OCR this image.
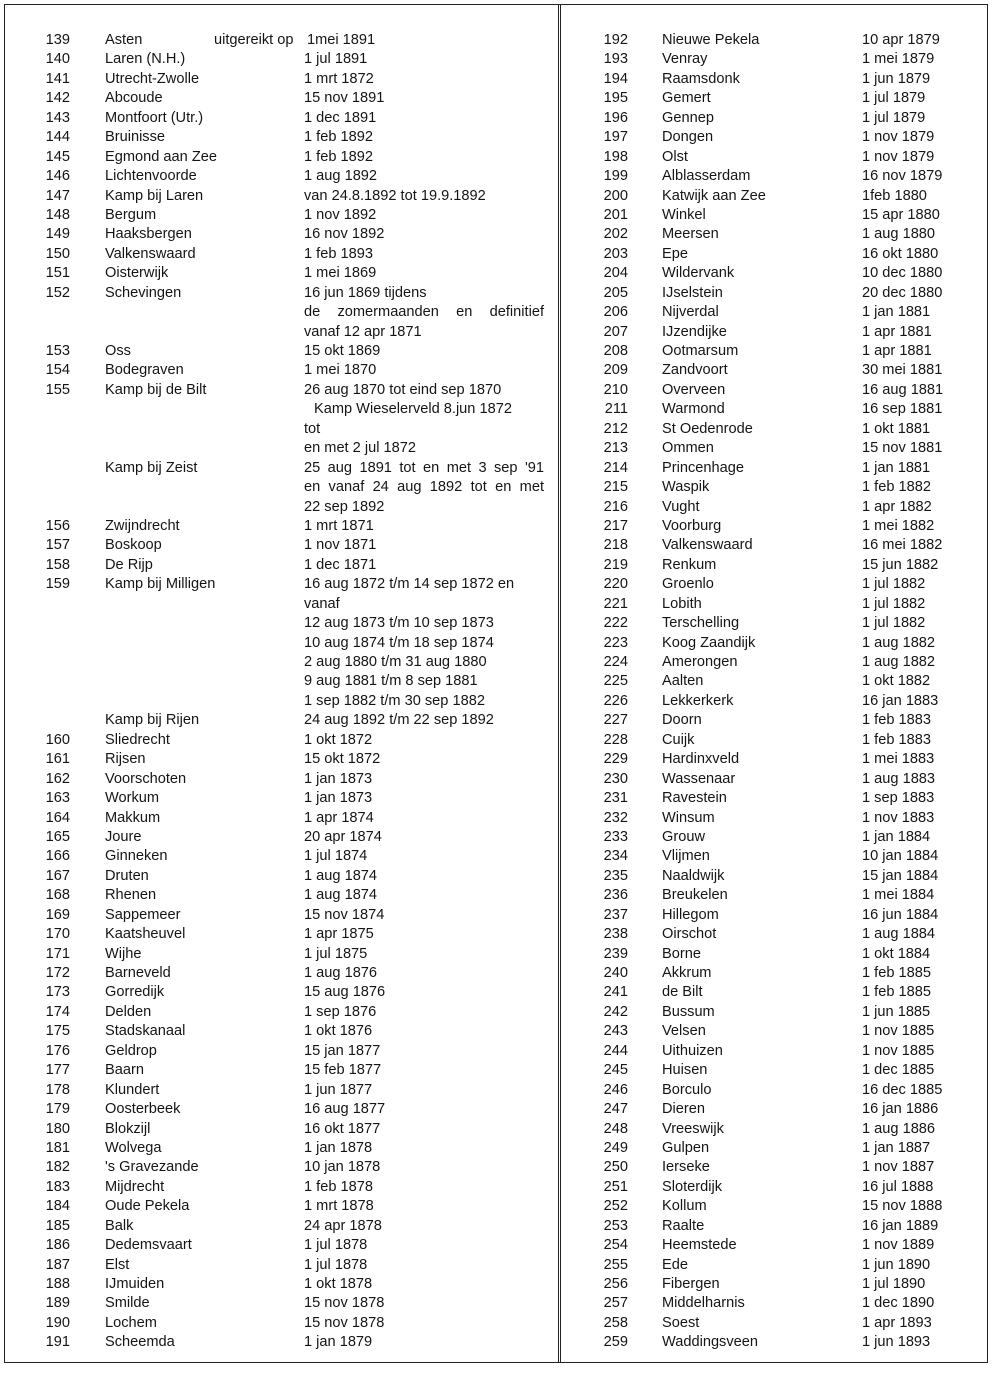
139 Asten	uitgereikt op 1mei 1891
140 Laren (N.H.)	1 jul 1891
141 Utrecht-Zwolle	1 mrt 1872
142 Abcoude	15 nov 1891
143 Montfoort (Utr.)	1 dec 1891
144 Bruinisse	1 feb 1892
145 Egmond aan Zee	1 feb 1892
146 Lichtenvoorde	1 aug 1892
147 Kamp bij Laren	van 24.8.1892 tot 19.9.1892
148 Bergum	1 nov 1892
149 Haaksbergen	16 nov 1892
150 Valkenswaard	1 feb 1893
151 Oisterwijk	1 mei 1869
152 Schevingen	16 jun 1869 tijdens
de zomermaanden en definitief
vanaf 12 apr 1871
153 Oss	15 okt 1869
154 Bodegraven	1 mei 1870
155 Kamp bij de Bilt	26 aug 1870 tot eind sep 1870
Kamp Wieselerveld 8.jun 1872
tot
en met 2 jul 1872
Kamp bij Zeist	25 aug 1891 tot en met 3 sep '91
en vanaf 24 aug 1892 tot en met
22 sep 1892
156 Zwijndrecht	1 mrt 1871
157 Boskoop	1 nov 1871
158 De Rijp	1 dec 1871
159 Kamp bij Milligen	16 aug 1872 t/m 14 sep 1872 en
vanaf
12 aug 1873 t/m 10 sep 1873
10 aug 1874 t/m 18 sep 1874
2 aug 1880 t/m 31 aug 1880
9 aug 1881 t/m 8 sep 1881
1 sep 1882 t/m 30 sep 1882
Kamp bij Rijen	24 aug 1892 t/m 22 sep 1892
160 Sliedrecht	1 okt 1872
161 Rijsen	15 okt 1872
162 Voorschoten	1 jan 1873
163 Workum	1 jan 1873
164 Makkum	1 apr 1874
165 Joure	20 apr 1874
166 Ginneken	1 jul 1874
167 Druten	1 aug 1874
168 Rhenen	1 aug 1874
169 Sappemeer	15 nov 1874
170 Kaatsheuvel	1 apr 1875
171 Wijhe	1 jul 1875
172 Barneveld	1 aug 1876
173 Gorredijk	15 aug 1876
174 Delden	1 sep 1876
175 Stadskanaal	1 okt 1876
176 Geldrop	15 jan 1877
177 Baarn	15 feb 1877
178 Klundert	1 jun 1877
179 Oosterbeek	16 aug 1877
180 Blokzijl	16 okt 1877
181 Wolvega	1 jan 1878
182 's Gravezande	10 jan 1878
183 Mijdrecht	1 feb 1878
184 Oude Pekela	1 mrt 1878
185 Balk	24 apr 1878
186 Dedemsvaart	1 jul 1878
187 Elst	1 jul 1878
188 IJmuiden	1 okt 1878
189 Smilde	15 nov 1878
190 Lochem	15 nov 1878
191 Scheemda	1 jan 1879
192 Nieuwe Pekela	10 apr 1879
193 Venray	1 mei 1879
194 Raamsdonk	1 jun 1879
195 Gemert	1 jul 1879
196 Gennep	1 jul 1879
197 Dongen	1 nov 1879
198 Olst	1 nov 1879
199 Alblasserdam	16 nov 1879
200 Katwijk aan Zee	1feb 1880
201 Winkel	15 apr 1880
202 Meersen	1 aug 1880
203 Epe	16 okt 1880
204 Wildervank	10 dec 1880
205 IJselstein	20 dec 1880
206 Nijverdal	1 jan 1881
207 IJzendijke	1 apr 1881
208 Ootmarsum	1 apr 1881
209 Zandvoort	30 mei 1881
210 Overveen	16 aug 1881
211 Warmond	16 sep 1881
212 St Oedenrode	1 okt 1881
213 Ommen	15 nov 1881
214 Princenhage	1 jan 1881
215 Waspik	1 feb 1882
216 Vught	1 apr 1882
217 Voorburg	1 mei 1882
218 Valkenswaard	16 mei 1882
219 Renkum	15 jun 1882
220 Groenlo	1 jul 1882
221 Lobith	1 jul 1882
222 Terschelling	1 jul 1882
223 Koog Zaandijk	1 aug 1882
224 Amerongen	1 aug 1882
225 Aalten	1 okt 1882
226 Lekkerkerk	16 jan 1883
227 Doorn	1 feb 1883
228 Cuijk	1 feb 1883
229 Hardinxveld	1 mei 1883
230 Wassenaar	1 aug 1883
231 Ravestein	1 sep 1883
232 Winsum	1 nov 1883
233 Grouw	1 jan 1884
234 Vlijmen	10 jan 1884
235 Naaldwijk	15 jan 1884
236 Breukelen	1 mei 1884
237 Hillegom	16 jun 1884
238 Oirschot	1 aug 1884
239 Borne	1 okt 1884
240 Akkrum	1 feb 1885
241 de Bilt	1 feb 1885
242 Bussum	1 jun 1885
243 Velsen	1 nov 1885
244 Uithuizen	1 nov 1885
245 Huisen	1 dec 1885
246 Borculo	16 dec 1885
247 Dieren	16 jan 1886
248 Vreeswijk	1 aug 1886
249 Gulpen	1 jan 1887
250 Ierseke	1 nov 1887
251 Sloterdijk	16 jul 1888
252 Kollum	15 nov 1888
253 Raalte	16 jan 1889
254 Heemstede	1 nov 1889
255 Ede	1 jun 1890
256 Fibergen	1 jul 1890
257 Middelharnis	1 dec 1890
258 Soest	1 apr 1893
259 Waddingsveen	1 jun 1893
